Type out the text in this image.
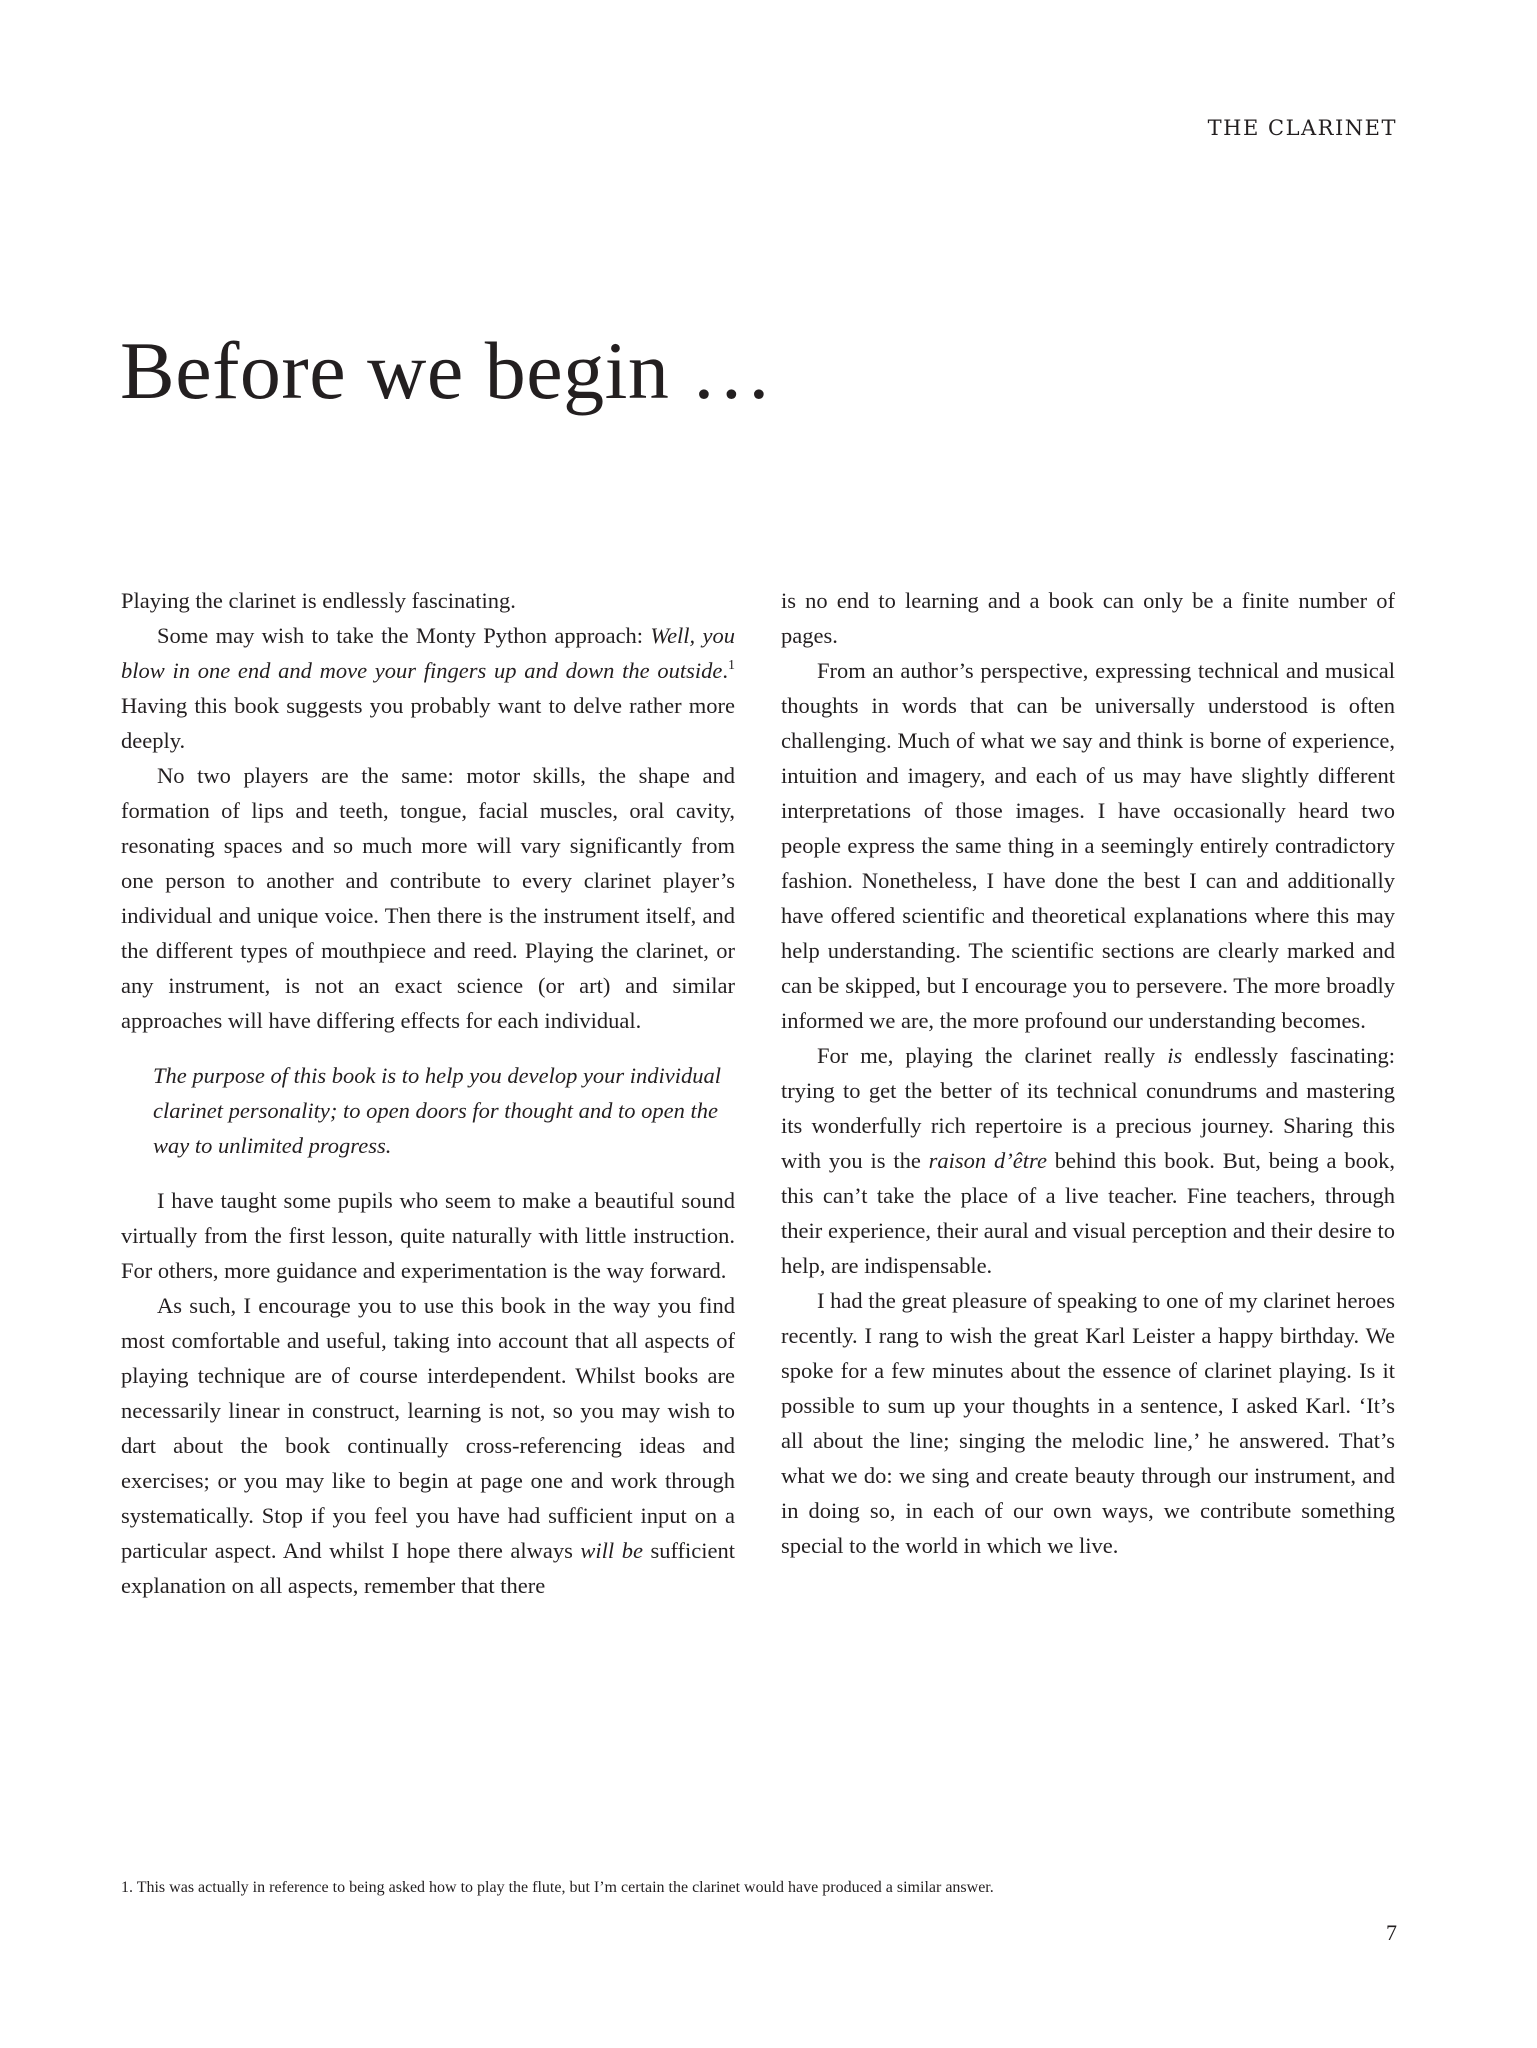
THE CLARINET
Before we begin …

Playing the clarinet is endlessly fascinating.

Some may wish to take the Monty Python approach: Well, you blow in one end and move your fingers up and down the outside.$^1$ Having this book suggests you probably want to delve rather more deeply.

No two players are the same: motor skills, the shape and formation of lips and teeth, tongue, facial muscles, oral cavity, resonating spaces and so much more will vary significantly from one person to another and contribute to every clarinet player’s individual and unique voice. Then there is the instrument itself, and the different types of mouthpiece and reed. Playing the clarinet, or any instrument, is not an exact science (or art) and similar approaches will have differing effects for each individual.

The purpose of this book is to help you develop your individual clarinet personality; to open doors for thought and to open the way to unlimited progress.

I have taught some pupils who seem to make a beautiful sound virtually from the first lesson, quite naturally with little instruction. For others, more guidance and experimentation is the way forward.

As such, I encourage you to use this book in the way you find most comfortable and useful, taking into account that all aspects of playing technique are of course interdependent. Whilst books are necessarily linear in construct, learning is not, so you may wish to dart about the book continually cross-referencing ideas and exercises; or you may like to begin at page one and work through systematically. Stop if you feel you have had sufficient input on a particular aspect. And whilst I hope there always will be sufficient explanation on all aspects, remember that there

is no end to learning and a book can only be a finite number of pages.

From an author’s perspective, expressing technical and musical thoughts in words that can be universally understood is often challenging. Much of what we say and think is borne of experience, intuition and imagery, and each of us may have slightly different interpretations of those images. I have occasionally heard two people express the same thing in a seemingly entirely contradictory fashion. Nonetheless, I have done the best I can and additionally have offered scientific and theoretical explanations where this may help understanding. The scientific sections are clearly marked and can be skipped, but I encourage you to persevere. The more broadly informed we are, the more profound our understanding becomes.

For me, playing the clarinet really is endlessly fascinating: trying to get the better of its technical conundrums and mastering its wonderfully rich repertoire is a precious journey. Sharing this with you is the raison d’être behind this book. But, being a book, this can’t take the place of a live teacher. Fine teachers, through their experience, their aural and visual perception and their desire to help, are indispensable.

I had the great pleasure of speaking to one of my clarinet heroes recently. I rang to wish the great Karl Leister a happy birthday. We spoke for a few minutes about the essence of clarinet playing. Is it possible to sum up your thoughts in a sentence, I asked Karl. ‘It’s all about the line; singing the melodic line,’ he answered. That’s what we do: we sing and create beauty through our instrument, and in doing so, in each of our own ways, we contribute something special to the world in which we live.

1. This was actually in reference to being asked how to play the flute, but I’m certain the clarinet would have produced a similar answer.
7
